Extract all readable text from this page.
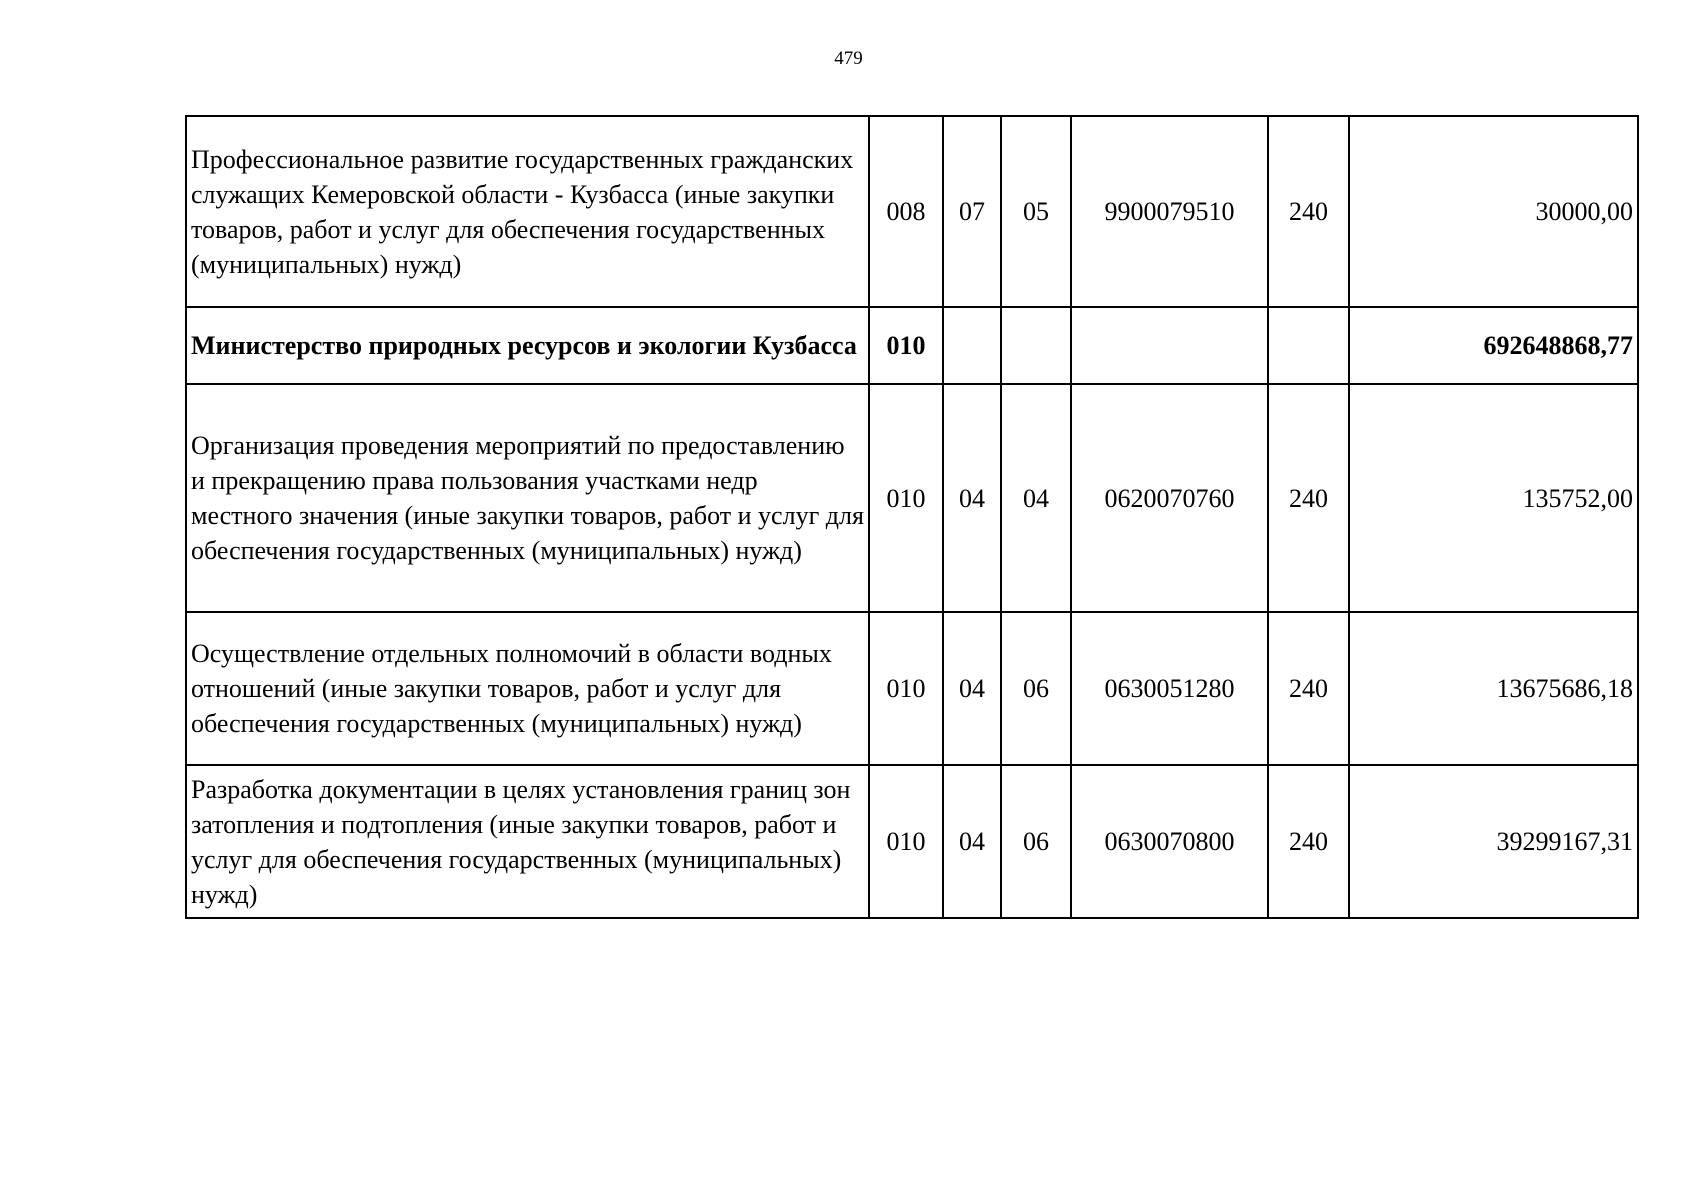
479
Профессиональное развитие государственных гражданских служащих Кемеровской области - Кузбасса (иные закупки товаров, работ и услуг для обеспечения государственных (муниципальных) нужд)	008	07	05	9900079510	240	30000,00
Министерство природных ресурсов и экологии Кузбасса	010					692648868,77
Организация проведения мероприятий по предоставлению и прекращению права пользования участками недр местного значения (иные закупки товаров, работ и услуг для обеспечения государственных (муниципальных) нужд)	010	04	04	0620070760	240	135752,00
Осуществление отдельных полномочий в области водных отношений (иные закупки товаров, работ и услуг для обеспечения государственных (муниципальных) нужд)	010	04	06	0630051280	240	13675686,18
Разработка документации в целях установления границ зон затопления и подтопления (иные закупки товаров, работ и услуг для обеспечения государственных (муниципальных) нужд)	010	04	06	0630070800	240	39299167,31
